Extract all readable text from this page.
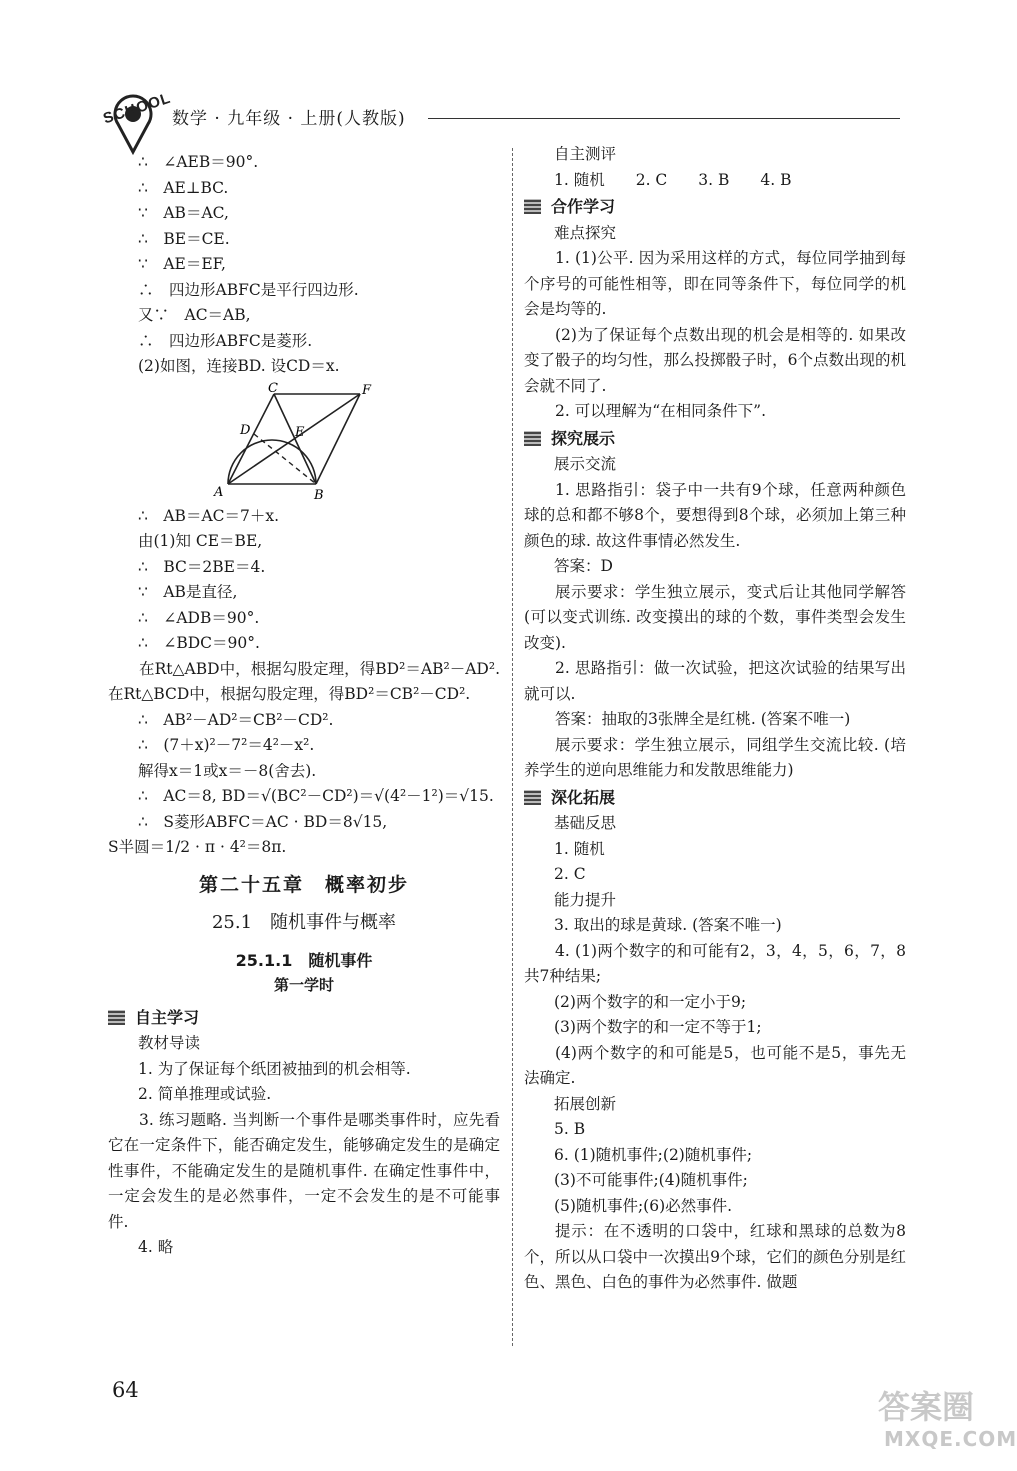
SCHOOL
数学 · 九年级 · 上册(人教版)
∴　∠AEB＝90°.
∴　AE⊥BC.
∵　AB＝AC,
∴　BE＝CE.
∵　AE＝EF,
∴　四边形ABFC是平行四边形.
又∵　AC＝AB,
∴　四边形ABFC是菱形.
(2)如图，连接BD. 设CD＝x.
A	B
C
D	E
F
∴　AB＝AC＝7＋x.
由(1)知 CE＝BE,
∴　BC＝2BE＝4.
∵　AB是直径,
∴　∠ADB＝90°.
∴　∠BDC＝90°.
在Rt△ABD中，根据勾股定理，得BD²＝AB²－AD². 在Rt△BCD中，根据勾股定理，得BD²＝CB²－CD².
∴　AB²－AD²＝CB²－CD².
∴　(7＋x)²－7²＝4²－x².
解得x＝1或x＝－8(舍去).
∴　AC＝8, BD＝√(BC²－CD²)＝√(4²－1²)＝√15.
∴　S菱形ABFC＝AC · BD＝8√15,
S半圆＝1/2 · π · 4²＝8π.
第二十五章　概率初步
25.1　随机事件与概率
25.1.1　随机事件
第一学时
自主学习
教材导读
1. 为了保证每个纸团被抽到的机会相等.
2. 简单推理或试验.
3. 练习题略. 当判断一个事件是哪类事件时，应先看它在一定条件下，能否确定发生，能够确定发生的是确定性事件，不能确定发生的是随机事件. 在确定性事件中，一定会发生的是必然事件，一定不会发生的是不可能事件.
4. 略
自主测评
1. 随机　　2. C　　3. B　　4. B
合作学习
难点探究
1. (1)公平. 因为采用这样的方式，每位同学抽到每个序号的可能性相等，即在同等条件下，每位同学的机会是均等的.
(2)为了保证每个点数出现的机会是相等的. 如果改变了骰子的均匀性，那么投掷骰子时，6个点数出现的机会就不同了.
2. 可以理解为“在相同条件下”.
探究展示
展示交流
1. 思路指引：袋子中一共有9个球，任意两种颜色球的总和都不够8个，要想得到8个球，必须加上第三种颜色的球. 故这件事情必然发生.
答案：D
展示要求：学生独立展示，变式后让其他同学解答(可以变式训练. 改变摸出的球的个数，事件类型会发生改变).
2. 思路指引：做一次试验，把这次试验的结果写出就可以.
答案：抽取的3张牌全是红桃. (答案不唯一)
展示要求：学生独立展示，同组学生交流比较. (培养学生的逆向思维能力和发散思维能力)
深化拓展
基础反思
1. 随机
2. C
能力提升
3. 取出的球是黄球. (答案不唯一)
4. (1)两个数字的和可能有2，3，4，5，6，7，8共7种结果;
(2)两个数字的和一定小于9;
(3)两个数字的和一定不等于1;
(4)两个数字的和可能是5，也可能不是5，事先无法确定.
拓展创新
5. B
6. (1)随机事件;(2)随机事件;
(3)不可能事件;(4)随机事件;
(5)随机事件;(6)必然事件.
提示：在不透明的口袋中，红球和黑球的总数为8个，所以从口袋中一次摸出9个球，它们的颜色分别是红色、黑色、白色的事件为必然事件. 做题
64	答案圈
MXQE.COM
